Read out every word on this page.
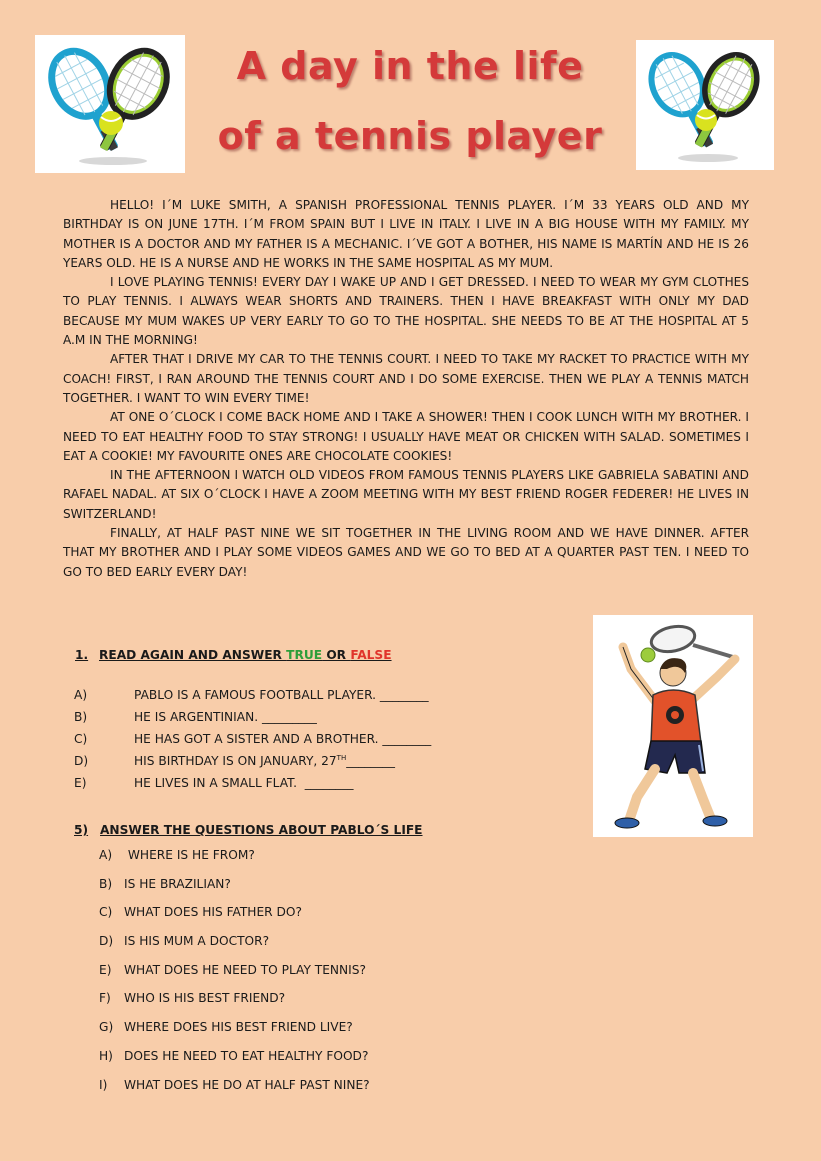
A day in the life
of a tennis player

HELLO! I´M LUKE SMITH, A SPANISH PROFESSIONAL TENNIS PLAYER. I´M 33 YEARS OLD AND MY BIRTHDAY IS ON JUNE 17TH. I´M FROM SPAIN BUT I LIVE IN ITALY. I LIVE IN A BIG HOUSE WITH MY FAMILY. MY MOTHER IS A DOCTOR AND MY FATHER IS A MECHANIC. I´VE GOT A BOTHER, HIS NAME IS MARTÍN AND HE IS 26 YEARS OLD. HE IS A NURSE AND HE WORKS IN THE SAME HOSPITAL AS MY MUM.

I LOVE PLAYING TENNIS! EVERY DAY I WAKE UP AND I GET DRESSED. I NEED TO WEAR MY GYM CLOTHES TO PLAY TENNIS. I ALWAYS WEAR SHORTS AND TRAINERS. THEN I HAVE BREAKFAST WITH ONLY MY DAD BECAUSE MY MUM WAKES UP VERY EARLY TO GO TO THE HOSPITAL. SHE NEEDS TO BE AT THE HOSPITAL AT 5 A.M IN THE MORNING!

AFTER THAT I DRIVE MY CAR TO THE TENNIS COURT. I NEED TO TAKE MY RACKET TO PRACTICE WITH MY COACH! FIRST, I RAN AROUND THE TENNIS COURT AND I DO SOME EXERCISE. THEN WE PLAY A TENNIS MATCH TOGETHER. I WANT TO WIN EVERY TIME!

AT ONE O´CLOCK I COME BACK HOME AND I TAKE A SHOWER! THEN I COOK LUNCH WITH MY BROTHER. I NEED TO EAT HEALTHY FOOD TO STAY STRONG! I USUALLY HAVE MEAT OR CHICKEN WITH SALAD. SOMETIMES I EAT A COOKIE! MY FAVOURITE ONES ARE CHOCOLATE COOKIES!

IN THE AFTERNOON I WATCH OLD VIDEOS FROM FAMOUS TENNIS PLAYERS LIKE GABRIELA SABATINI AND RAFAEL NADAL. AT SIX O´CLOCK I HAVE A ZOOM MEETING WITH MY BEST FRIEND ROGER FEDERER! HE LIVES IN SWITZERLAND!

FINALLY, AT HALF PAST NINE WE SIT TOGETHER IN THE LIVING ROOM AND WE HAVE DINNER. AFTER THAT MY BROTHER AND I PLAY SOME VIDEOS GAMES AND WE GO TO BED AT A QUARTER PAST TEN. I NEED TO GO TO BED EARLY EVERY DAY!

1. READ AGAIN AND ANSWER TRUE OR FALSE
A)	PABLO IS A FAMOUS FOOTBALL PLAYER. ________
B)	HE IS ARGENTINIAN. _________
C)	HE HAS GOT A SISTER AND A BROTHER. ________
D)	HIS BIRTHDAY IS ON JANUARY, 27TH________
E)	HE LIVES IN A SMALL FLAT.  ________
5) ANSWER THE QUESTIONS ABOUT PABLO´S LIFE
A) WHERE IS HE FROM?
B) IS HE BRAZILIAN?
C) WHAT DOES HIS FATHER DO?
D) IS HIS MUM A DOCTOR?
E)	WHAT DOES HE NEED TO PLAY TENNIS?
F)	WHO IS HIS BEST FRIEND?
G) WHERE DOES HIS BEST FRIEND LIVE?
H) DOES HE NEED TO EAT HEALTHY FOOD?
I)	WHAT DOES HE DO AT HALF PAST NINE?
